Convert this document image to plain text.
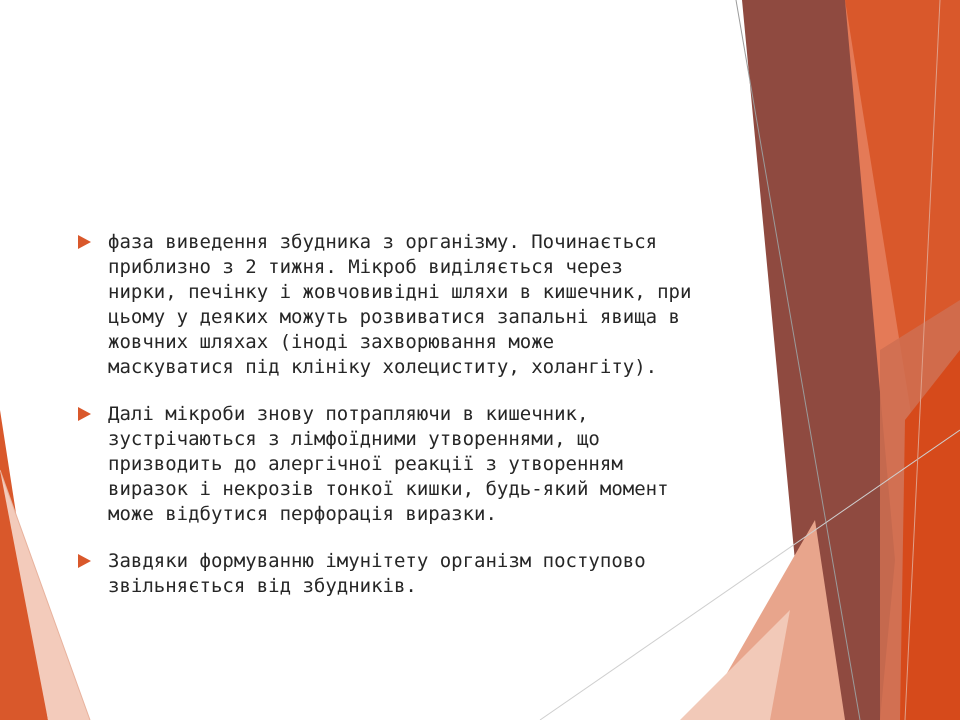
фаза виведення збудника з організму. Починається
приблизно з 2 тижня. Мікроб виділяється через
нирки, печінку і жовчовивідні шляхи в кишечник, при
цьому у деяких можуть розвиватися запальні явища в
жовчних шляхах (іноді захворювання може
маскуватися під клініку холециститу, холангіту).
Далі мікроби знову потрапляючи в кишечник,
зустрічаються з лімфоїдними утвореннями, що
призводить до алергічної реакції з утворенням
виразок і некрозів тонкої кишки, будь-який момент
може відбутися перфорація виразки.
Завдяки формуванню імунітету організм поступово
звільняється від збудників.
